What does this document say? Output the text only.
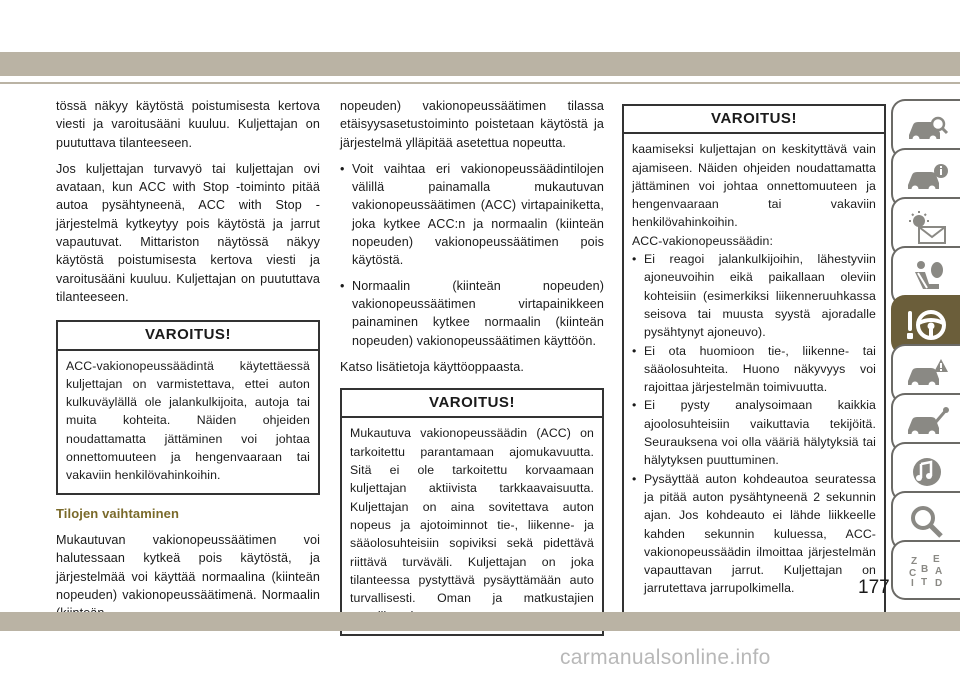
tössä näkyy käytöstä poistumisesta kertova viesti ja varoitusääni kuuluu. Kuljettajan on puututtava tilanteeseen.

Jos kuljettajan turvavyö tai kuljettajan ovi avataan, kun ACC with Stop -toiminto pitää autoa pysähtyneenä, ACC with Stop -järjestelmä kytkeytyy pois käytöstä ja jarrut vapautuvat. Mittariston näytössä näkyy käytöstä poistumisesta kertova viesti ja varoitusääni kuuluu. Kuljettajan on puututtava tilanteeseen.

VAROITUS!

ACC-vakionopeussäädintä käytettäessä kuljettajan on varmistettava, ettei auton kulkuväylällä ole jalankulkijoita, autoja tai muita kohteita. Näiden ohjeiden noudattamatta jättäminen voi johtaa onnettomuuteen ja hengenvaaraan tai vakaviin henkilövahinkoihin.

Tilojen vaihtaminen

Mukautuvan vakionopeussäätimen voi halutessaan kytkeä pois käytöstä, ja järjestelmää voi käyttää normaalina (kiinteän nopeuden) vakionopeussäätimenä. Normaalin

nopeuden) vakionopeussäätimen tilassa etäisyysasetustoiminto poistetaan käytöstä ja järjestelmä ylläpitää asetettua nopeutta.

• Voit vaihtaa eri vakionopeussäädintilojen välillä painamalla mukautuvan vakionopeussäätimen (ACC) virtapainiketta, joka kytkee ACC:n ja normaalin (kiinteän nopeuden) vakionopeussäätimen pois käytöstä.
• Normaalin (kiinteän nopeuden) vakionopeussäätimen virtapainikkeen painaminen kytkee normaalin (kiinteän nopeuden) vakionopeussäätimen käyttöön.

Katso lisätietoja käyttöoppaasta.

VAROITUS!

Mukautuva vakionopeussäädin (ACC) on tarkoitettu parantamaan ajomukavuutta. Sitä ei ole tarkoitettu korvaamaan kuljettajan aktiivista tarkkaavaisuutta. Kuljettajan on aina sovitettava auton nopeus ja ajotoiminnot tie-, liikenne- ja sääolosuhteisiin sopiviksi sekä pidettävä riittävä turväväli. Kuljettajan on joka tilanteessa pystyttävä pysäyttämään auto turvallisesti. Oman ja matkustajien

VAROITUS!

kaamiseksi kuljettajan on keskityttävä vain ajamiseen. Näiden ohjeiden noudattamatta jättäminen voi johtaa onnettomuuteen ja hengenvaaraan tai vakaviin henkilövahinkoihin.

ACC-vakionopeussäädin:

• Ei reagoi jalankulkijoihin, lähestyviin ajoneuvoihin eikä paikallaan oleviin kohteisiin (esimerkiksi liikenneruuhkassa seisova tai muusta syystä ajoradalle pysähtynyt ajoneuvo).
• Ei ota huomioon tie-, liikenne- tai sääolosuhteita. Huono näkyvyys voi rajoittaa järjestelmän toimivuutta.
• Ei pysty analysoimaan kaikkia ajoolosuhteisiin vaikuttavia tekijöitä. Seurauksena voi olla vääriä hälytyksiä tai hälytyksen puuttuminen.
• Pysäyttää auton kohdeautoa seuratessa ja pitää auton pysähtyneenä 2 sekunnin ajan. Jos kohdeauto ei lähde liikkeelle kahden sekunnin kuluessa, ACC-vakionopeussäädin ilmoittaa järjestelmän vapauttavan jarrut. Kuljettajan on jarrutettava jarrupolkimella.
Z
C
E
B A
I T D
177
carmanualsonline.info
